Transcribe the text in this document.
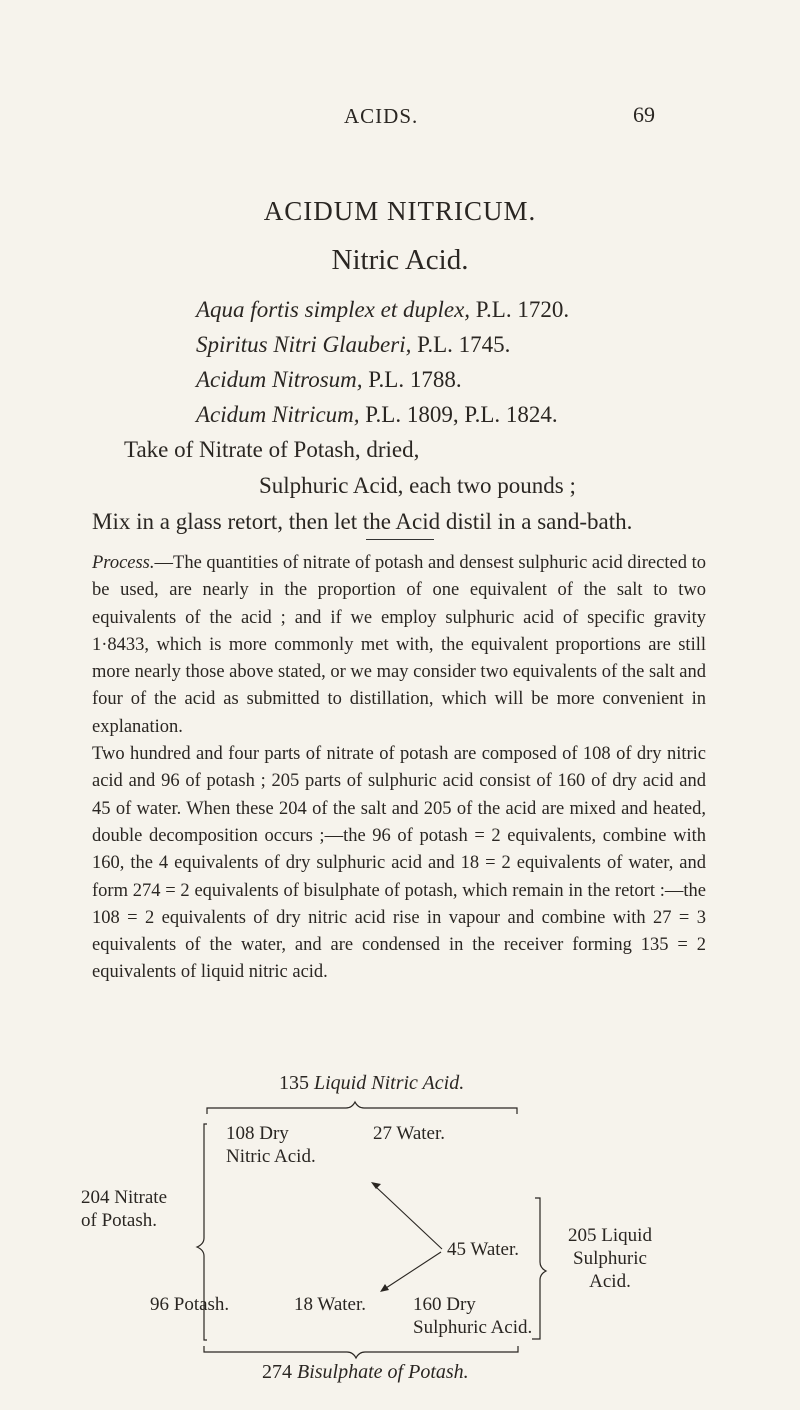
ACIDS.	69
ACIDUM NITRICUM.
Nitric Acid.
Aqua fortis simplex et duplex, P.L. 1720.
Spiritus Nitri Glauberi, P.L. 1745.
Acidum Nitrosum, P.L. 1788.
Acidum Nitricum, P.L. 1809, P.L. 1824.
Take of Nitrate of Potash, dried,
Sulphuric Acid, each two pounds ;
Mix in a glass retort, then let the Acid distil in a sand-bath.

Process.—The quantities of nitrate of potash and densest sulphuric acid directed to be used, are nearly in the proportion of one equivalent of the salt to two equivalents of the acid ; and if we employ sulphuric acid of specific gravity 1·8433, which is more commonly met with, the equivalent proportions are still more nearly those above stated, or we may consider two equivalents of the salt and four of the acid as submitted to distillation, which will be more convenient in explanation.

Two hundred and four parts of nitrate of potash are composed of 108 of dry nitric acid and 96 of potash ; 205 parts of sulphuric acid consist of 160 of dry acid and 45 of water. When these 204 of the salt and 205 of the acid are mixed and heated, double decomposition occurs ;—the 96 of potash = 2 equivalents, combine with 160, the 4 equivalents of dry sulphuric acid and 18 = 2 equivalents of water, and form 274 = 2 equivalents of bisulphate of potash, which remain in the retort :—the 108 = 2 equivalents of dry nitric acid rise in vapour and combine with 27 = 3 equivalents of the water, and are condensed in the receiver forming 135 = 2 equivalents of liquid nitric acid.

135 Liquid Nitric Acid.
108 Dry
Nitric Acid.
27 Water.
45 Water.
96 Potash.	18 Water. 160 Dry
Sulphuric Acid.
204 Nitrate
of Potash.
205 Liquid
Sulphuric
Acid.
274 Bisulphate of Potash.
